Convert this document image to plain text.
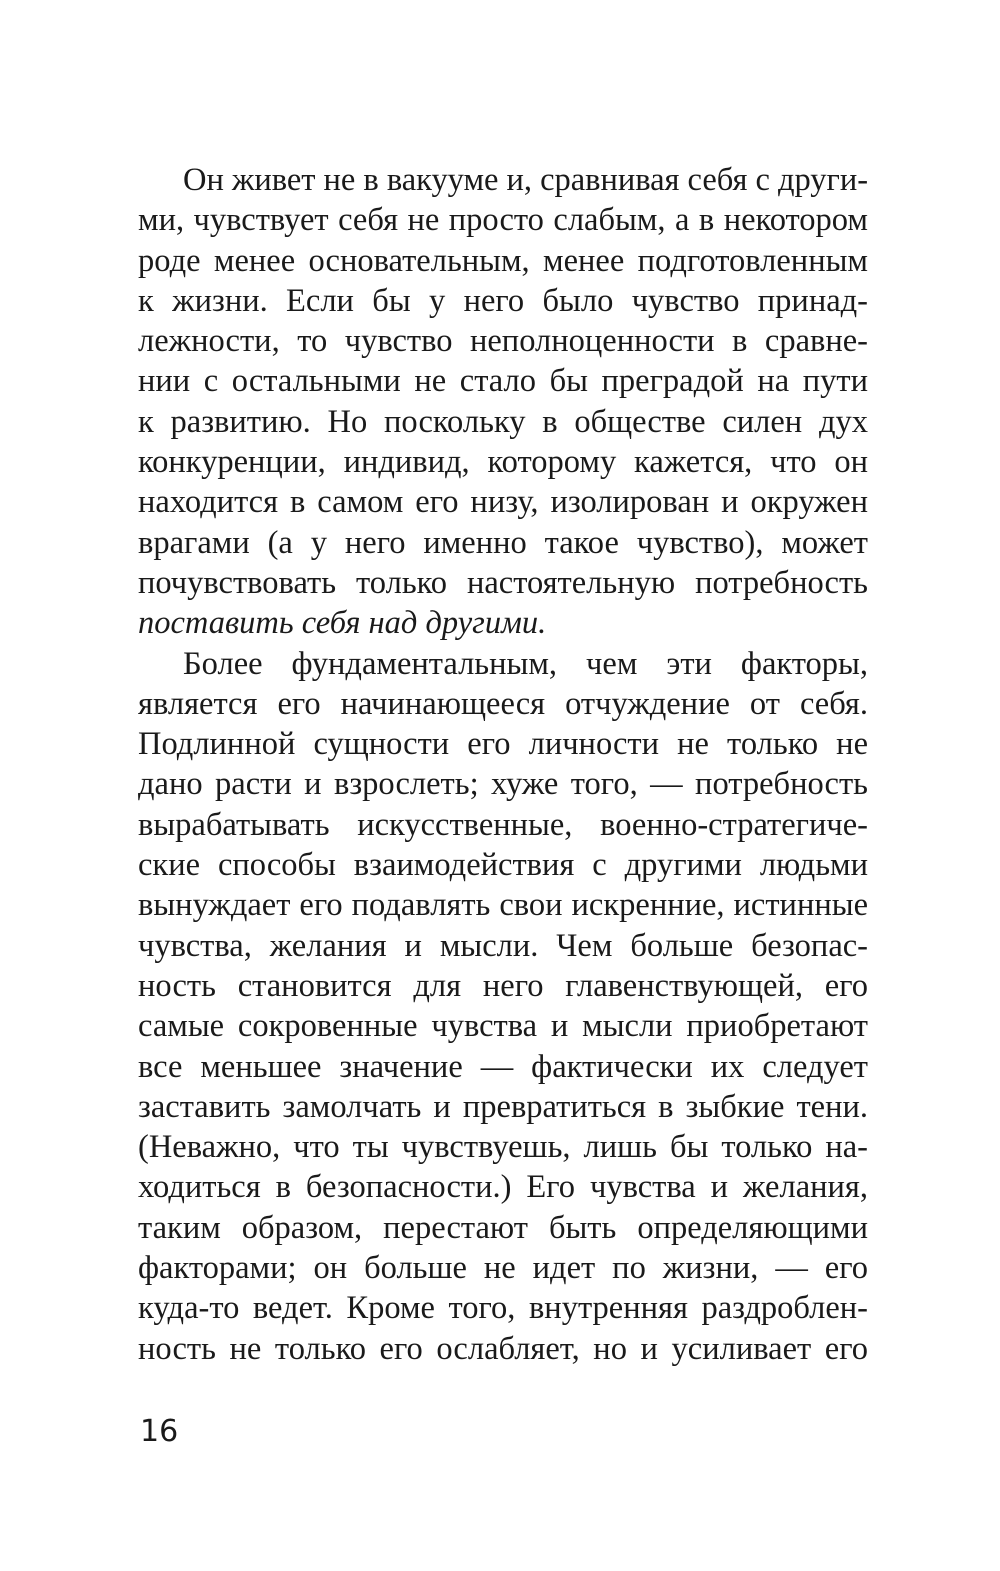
Он живет не в вакууме и, сравнивая себя с други-
ми, чувствует себя не просто слабым, а в некотором
роде менее основательным, менее подготовленным
к жизни. Если бы у него было чувство принад-
лежности, то чувство неполноценности в сравне-
нии с остальными не стало бы преградой на пути
к развитию. Но поскольку в обществе силен дух
конкуренции, индивид, которому кажется, что он
находится в самом его низу, изолирован и окружен
врагами (а у него именно такое чувство), может
почувствовать только настоятельную потребность
поставить себя над другими.
Более фундаментальным, чем эти факторы,
является его начинающееся отчуждение от себя.
Подлинной сущности его личности не только не
дано расти и взрослеть; хуже того, — потребность
вырабатывать искусственные, военно-стратегиче-
ские способы взаимодействия с другими людьми
вынуждает его подавлять свои искренние, истинные
чувства, желания и мысли. Чем больше безопас-
ность становится для него главенствующей, его
самые сокровенные чувства и мысли приобретают
все меньшее значение — фактически их следует
заставить замолчать и превратиться в зыбкие тени.
(Неважно, что ты чувствуешь, лишь бы только на-
ходиться в безопасности.) Его чувства и желания,
таким образом, перестают быть определяющими
факторами; он больше не идет по жизни, — его
куда-то ведет. Кроме того, внутренняя раздроблен-
ность не только его ослабляет, но и усиливает его
16
